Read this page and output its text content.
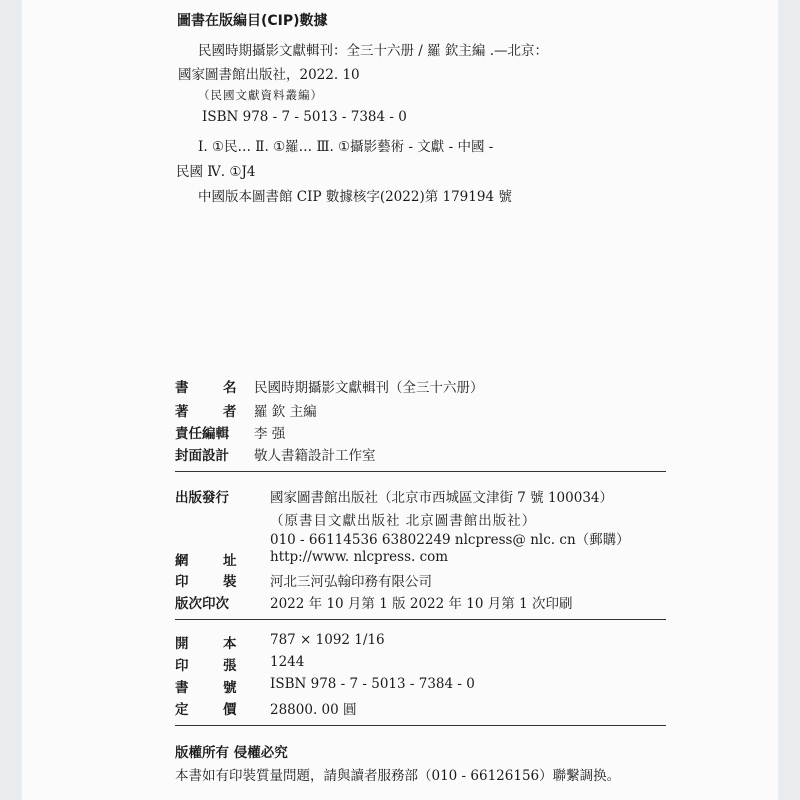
圖書在版編目(CIP)數據
民國時期攝影文獻輯刊：全三十六册 / 羅 欽主編 .—北京：
國家圖書館出版社，2022. 10
（民國文獻資料叢編）
ISBN 978 - 7 - 5013 - 7384 - 0
Ⅰ. ①民… Ⅱ. ①羅… Ⅲ. ①攝影藝術 - 文獻 - 中國 -
民國 Ⅳ. ①J4
中國版本圖書館 CIP 數據核字(2022)第 179194 號
書	名 民國時期攝影文獻輯刊（全三十六册）
著	者 羅 欽 主編
責任編輯 李 强
封面設計 敬人書籍設計工作室
出版發行	國家圖書館出版社（北京市西城區文津街 7 號 100034）
（原書目文獻出版社 北京圖書館出版社）
010 - 66114536 63802249 nlcpress@ nlc. cn（郵購）
網	址 http://www. nlcpress. com
印	裝 河北三河弘翰印務有限公司
版次印次	2022 年 10 月第 1 版 2022 年 10 月第 1 次印刷
開	本 787 × 1092 1/16
印	張 1244
書	號 ISBN 978 - 7 - 5013 - 7384 - 0
定	價 28800. 00 圓
版權所有 侵權必究
本書如有印裝質量問題，請與讀者服務部（010 - 66126156）聯繫調换。
